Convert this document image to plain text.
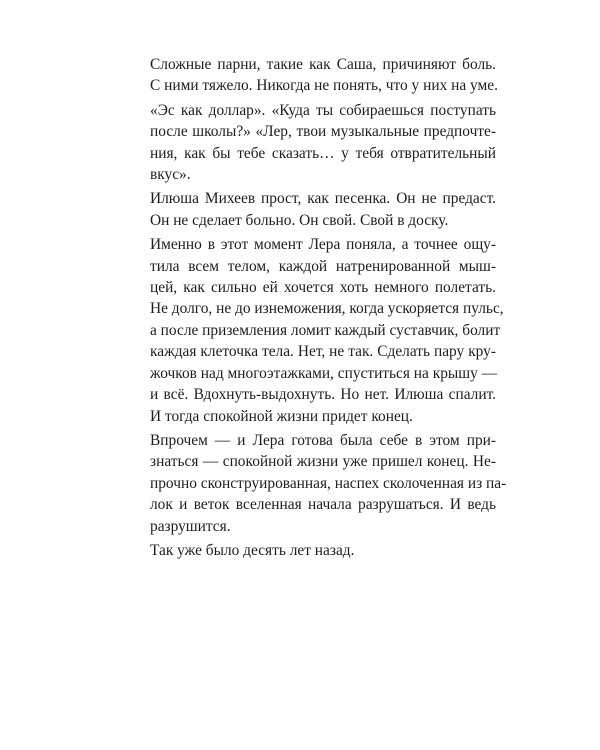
Сложные парни, такие как Саша, причиняют боль.
С ними тяжело. Никогда не понять, что у них на уме.

«Эс как доллар». «Куда ты собираешься поступать
после школы?» «Лер, твои музыкальные предпочте-
ния, как бы тебе сказать… у тебя отвратительный
вкус».

Илюша Михеев прост, как песенка. Он не предаст.
Он не сделает больно. Он свой. Свой в доску.

Именно в этот момент Лера поняла, а точнее ощу-
тила всем телом, каждой натренированной мыш-
цей, как сильно ей хочется хоть немного полетать.
Не долго, не до изнеможения, когда ускоряется пульс,
а после приземления ломит каждый суставчик, болит
каждая клеточка тела. Нет, не так. Сделать пару кру-
жочков над многоэтажками, спуститься на крышу —
и всё. Вдохнуть-выдохнуть. Но нет. Илюша спалит.
И тогда спокойной жизни придет конец.

Впрочем — и Лера готова была себе в этом при-
знаться — спокойной жизни уже пришел конец. Не-
прочно сконструированная, наспех сколоченная из па-
лок и веток вселенная начала разрушаться. И ведь
разрушится.

Так уже было десять лет назад.
